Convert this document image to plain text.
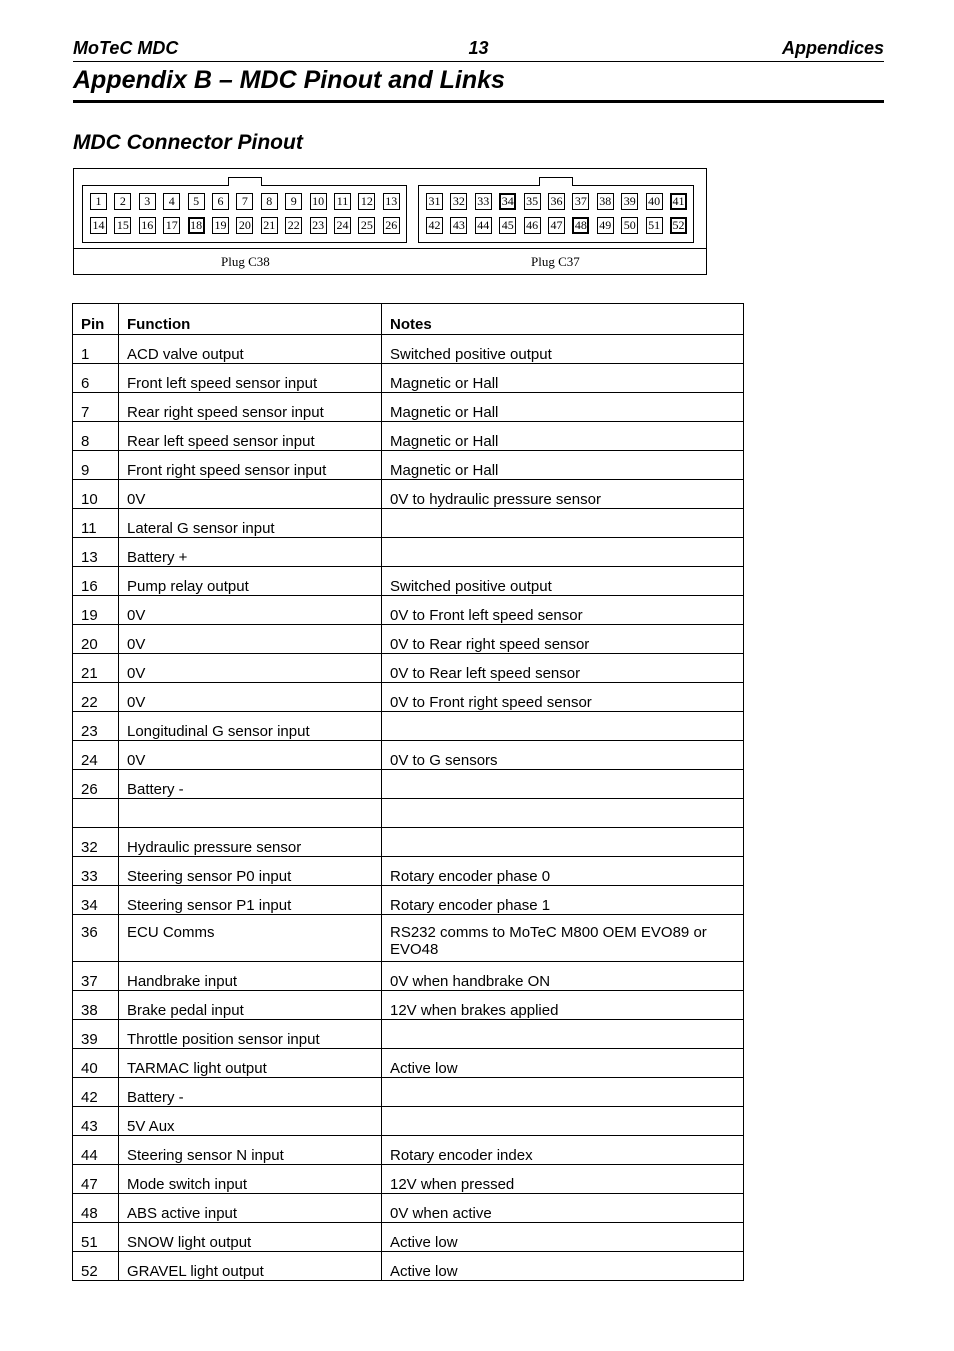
MoTeC MDC	13	Appendices
Appendix B – MDC Pinout and Links
MDC Connector Pinout
1	2	3	4	5	6	7	8	9	10 11 12 13
14 15 16 17 18 19 20 21 22 23 24 25 26
31 32 33 34 35 36 37 38 39 40 41
42 43 44 45 46 47 48 49 50 51 52
Plug C38	Plug C37
Pin	Function	Notes
1	ACD valve output	Switched positive output
6	Front left speed sensor input	Magnetic or Hall
7	Rear right speed sensor input	Magnetic or Hall
8	Rear left speed sensor input	Magnetic or Hall
9	Front right speed sensor input	Magnetic or Hall
10	0V	0V to hydraulic pressure sensor
11	Lateral G sensor input	
13	Battery +	
16	Pump relay output	Switched positive output
19	0V	0V to Front left speed sensor
20	0V	0V to Rear right speed sensor
21	0V	0V to Rear left speed sensor
22	0V	0V to Front right speed sensor
23	Longitudinal G sensor input	
24	0V	0V to G sensors
26	Battery -	

32	Hydraulic pressure sensor	
33	Steering sensor P0 input	Rotary encoder phase 0
34	Steering sensor P1 input	Rotary encoder phase 1
36	ECU Comms	RS232 comms to MoTeC M800 OEM EVO89 or EVO48
37	Handbrake input	0V when handbrake ON
38	Brake pedal input	12V when brakes applied
39	Throttle position sensor input	
40	TARMAC light output	Active low
42	Battery -	
43	5V Aux	
44	Steering sensor N input	Rotary encoder index
47	Mode switch input	12V when pressed
48	ABS active input	0V when active
51	SNOW light output	Active low
52	GRAVEL light output	Active low
